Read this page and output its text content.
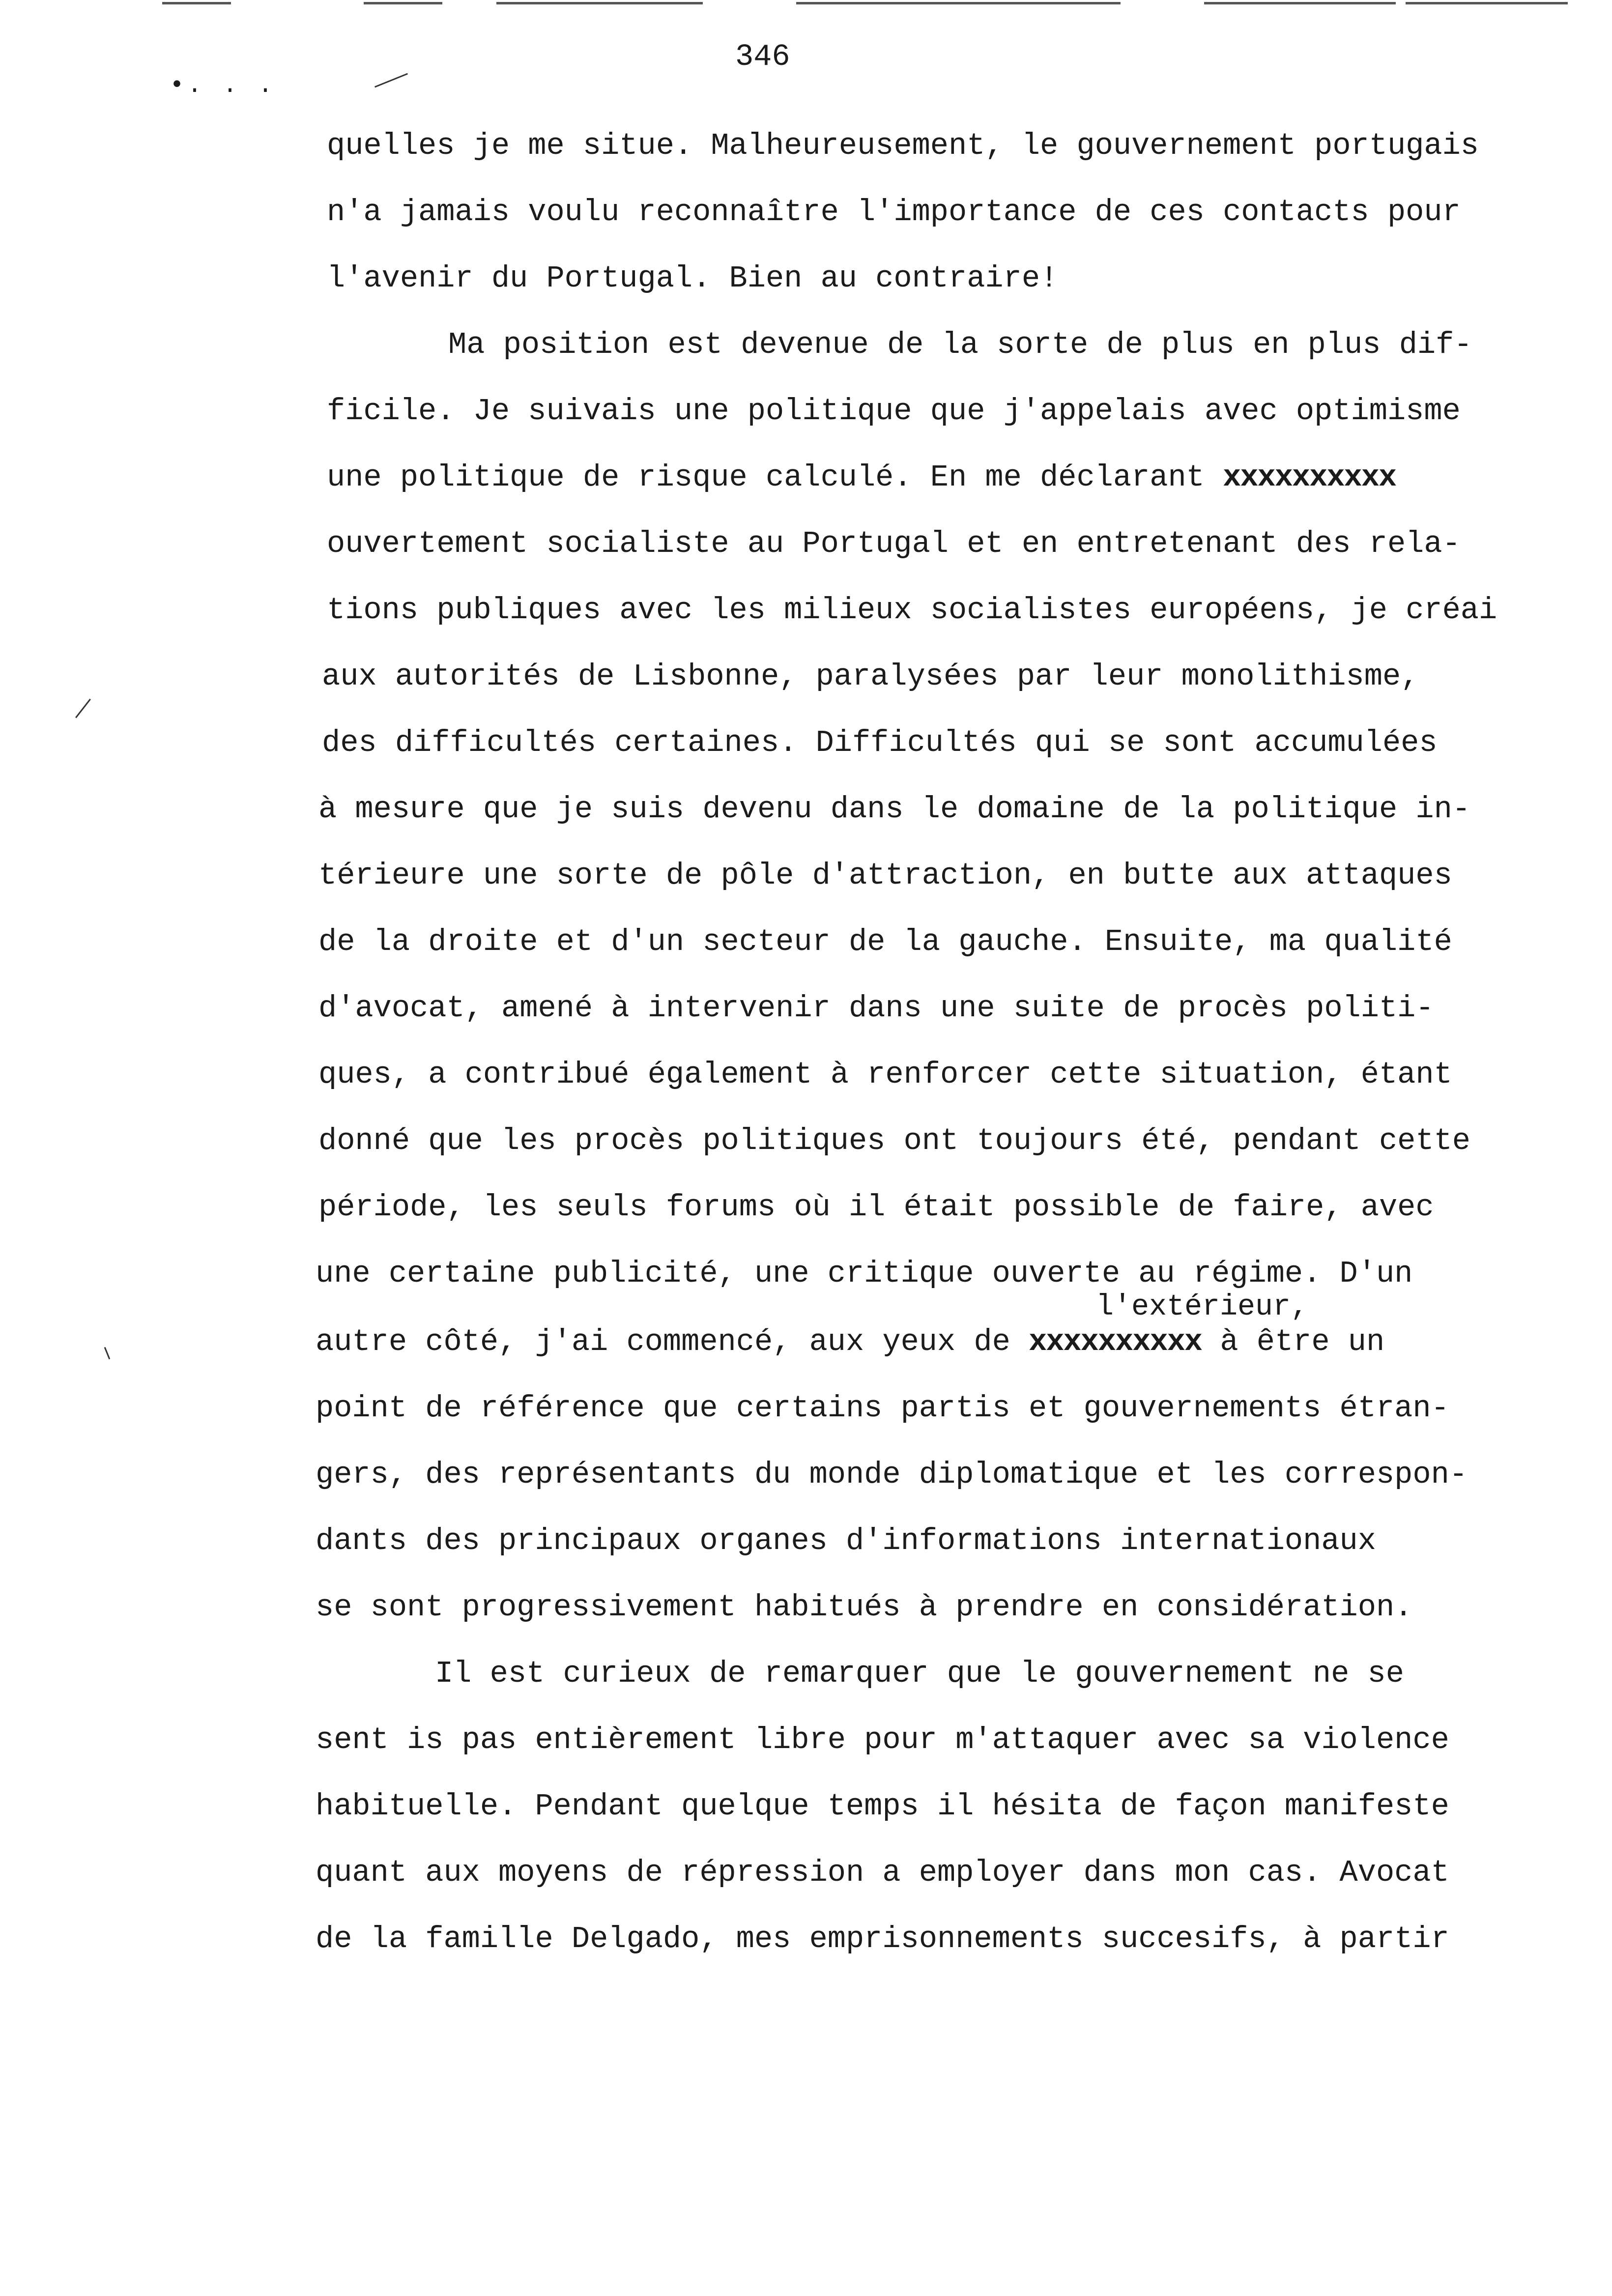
346
•. . .
quelles je me situe. Malheureusement, le gouvernement portugais
n'a jamais voulu reconnaître l'importance de ces contacts pour
l'avenir du Portugal. Bien au contraire!
Ma position est devenue de la sorte de plus en plus dif-
ficile. Je suivais une politique que j'appelais avec optimisme
une politique de risque calculé. En me déclarant xxxxxxxxxx
ouvertement socialiste au Portugal et en entretenant des rela-
tions publiques avec les milieux socialistes européens, je créai
aux autorités de Lisbonne, paralysées par leur monolithisme,
des difficultés certaines. Difficultés qui se sont accumulées
à mesure que je suis devenu dans le domaine de la politique in-
térieure une sorte de pôle d'attraction, en butte aux attaques
de la droite et d'un secteur de la gauche. Ensuite, ma qualité
d'avocat, amené à intervenir dans une suite de procès politi-
ques, a contribué également à renforcer cette situation, étant
donné que les procès politiques ont toujours été, pendant cette
période, les seuls forums où il était possible de faire, avec
une certaine publicité, une critique ouverte au régime. D'un
l'extérieur,
autre côté, j'ai commencé, aux yeux de xxxxxxxxxx à être un
point de référence que certains partis et gouvernements étran-
gers, des représentants du monde diplomatique et les correspon-
dants des principaux organes d'informations internationaux
se sont progressivement habitués à prendre en considération.
Il est curieux de remarquer que le gouvernement ne se
sent is pas entièrement libre pour m'attaquer avec sa violence
habituelle. Pendant quelque temps il hésita de façon manifeste
quant aux moyens de répression a employer dans mon cas. Avocat
de la famille Delgado, mes emprisonnements succesifs, à partir
